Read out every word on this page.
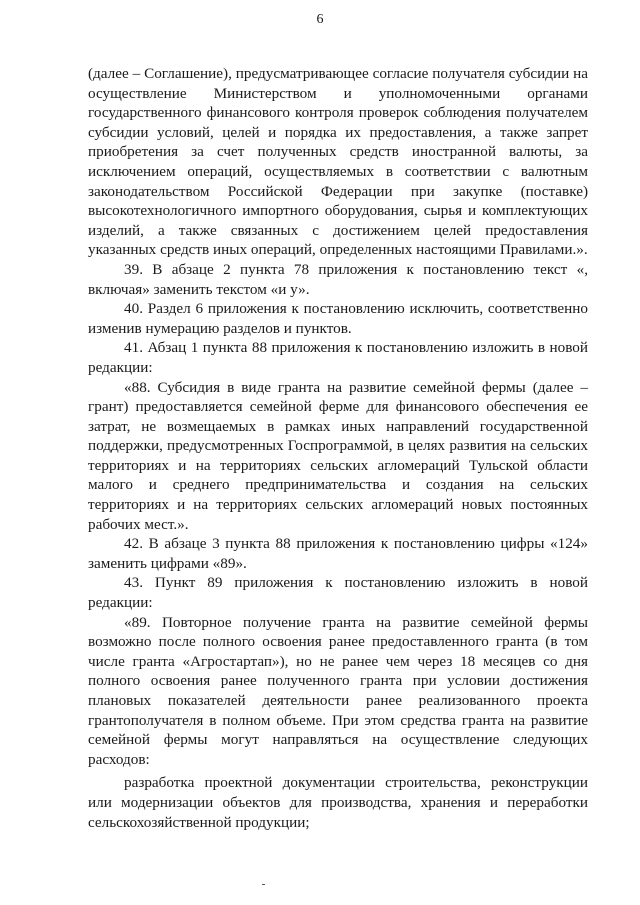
6

(далее – Соглашение), предусматривающее согласие получателя субсидии на осуществление Министерством и уполномоченными органами государственного финансового контроля проверок соблюдения получателем субсидии условий, целей и порядка их предоставления, а также запрет приобретения за счет полученных средств иностранной валюты, за исключением операций, осуществляемых в соответствии с валютным законодательством Российской Федерации при закупке (поставке) высокотехнологичного импортного оборудования, сырья и комплектующих изделий, а также связанных с достижением целей предоставления указанных средств иных операций, определенных настоящими Правилами.».

39. В абзаце 2 пункта 78 приложения к постановлению текст «, включая» заменить текстом «и у».

40. Раздел 6 приложения к постановлению исключить, соответственно изменив нумерацию разделов и пунктов.

41. Абзац 1 пункта 88 приложения к постановлению изложить в новой редакции:

«88. Субсидия в виде гранта на развитие семейной фермы (далее – грант) предоставляется семейной ферме для финансового обеспечения ее затрат, не возмещаемых в рамках иных направлений государственной поддержки, предусмотренных Госпрограммой, в целях развития на сельских территориях и на территориях сельских агломераций Тульской области малого и среднего предпринимательства и создания на сельских территориях и на территориях сельских агломераций новых постоянных рабочих мест.».

42. В абзаце 3 пункта 88 приложения к постановлению цифры «124» заменить цифрами «89».

43. Пункт 89 приложения к постановлению изложить в новой редакции:

«89. Повторное получение гранта на развитие семейной фермы возможно после полного освоения ранее предоставленного гранта (в том числе гранта «Агростартап»), но не ранее чем через 18 месяцев со дня полного освоения ранее полученного гранта при условии достижения плановых показателей деятельности ранее реализованного проекта грантополучателя в полном объеме. При этом средства гранта на развитие семейной фермы могут направляться на осуществление следующих расходов:

разработка проектной документации строительства, реконструкции или модернизации объектов для производства, хранения и переработки сельскохозяйственной продукции;
